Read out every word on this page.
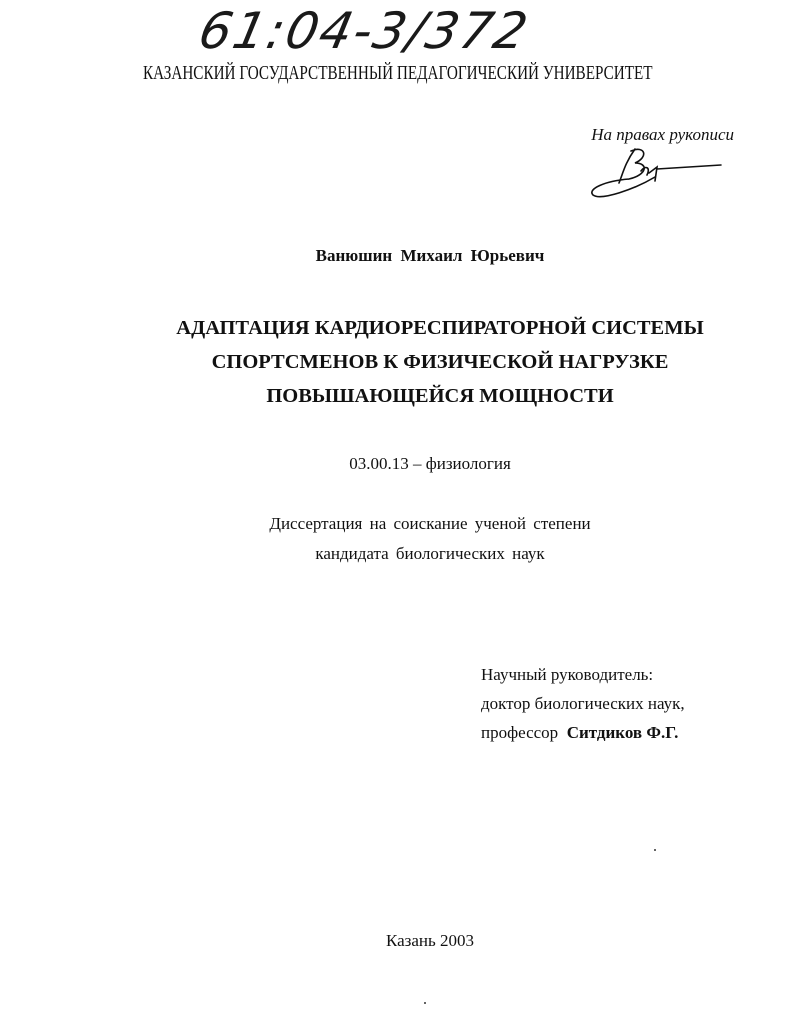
61:04-3/372
КАЗАНСКИЙ ГОСУДАРСТВЕННЫЙ ПЕДАГОГИЧЕСКИЙ УНИВЕРСИТЕТ
На правах рукописи
Ванюшин Михаил Юрьевич
АДАПТАЦИЯ КАРДИОРЕСПИРАТОРНОЙ СИСТЕМЫ
СПОРТСМЕНОВ К ФИЗИЧЕСКОЙ НАГРУЗКЕ
ПОВЫШАЮЩЕЙСЯ МОЩНОСТИ
03.00.13 – физиология
Диссертация на соискание ученой степени
кандидата биологических наук
Научный руководитель:
доктор биологических наук,
профессор Ситдиков Ф.Г.
Казань 2003
